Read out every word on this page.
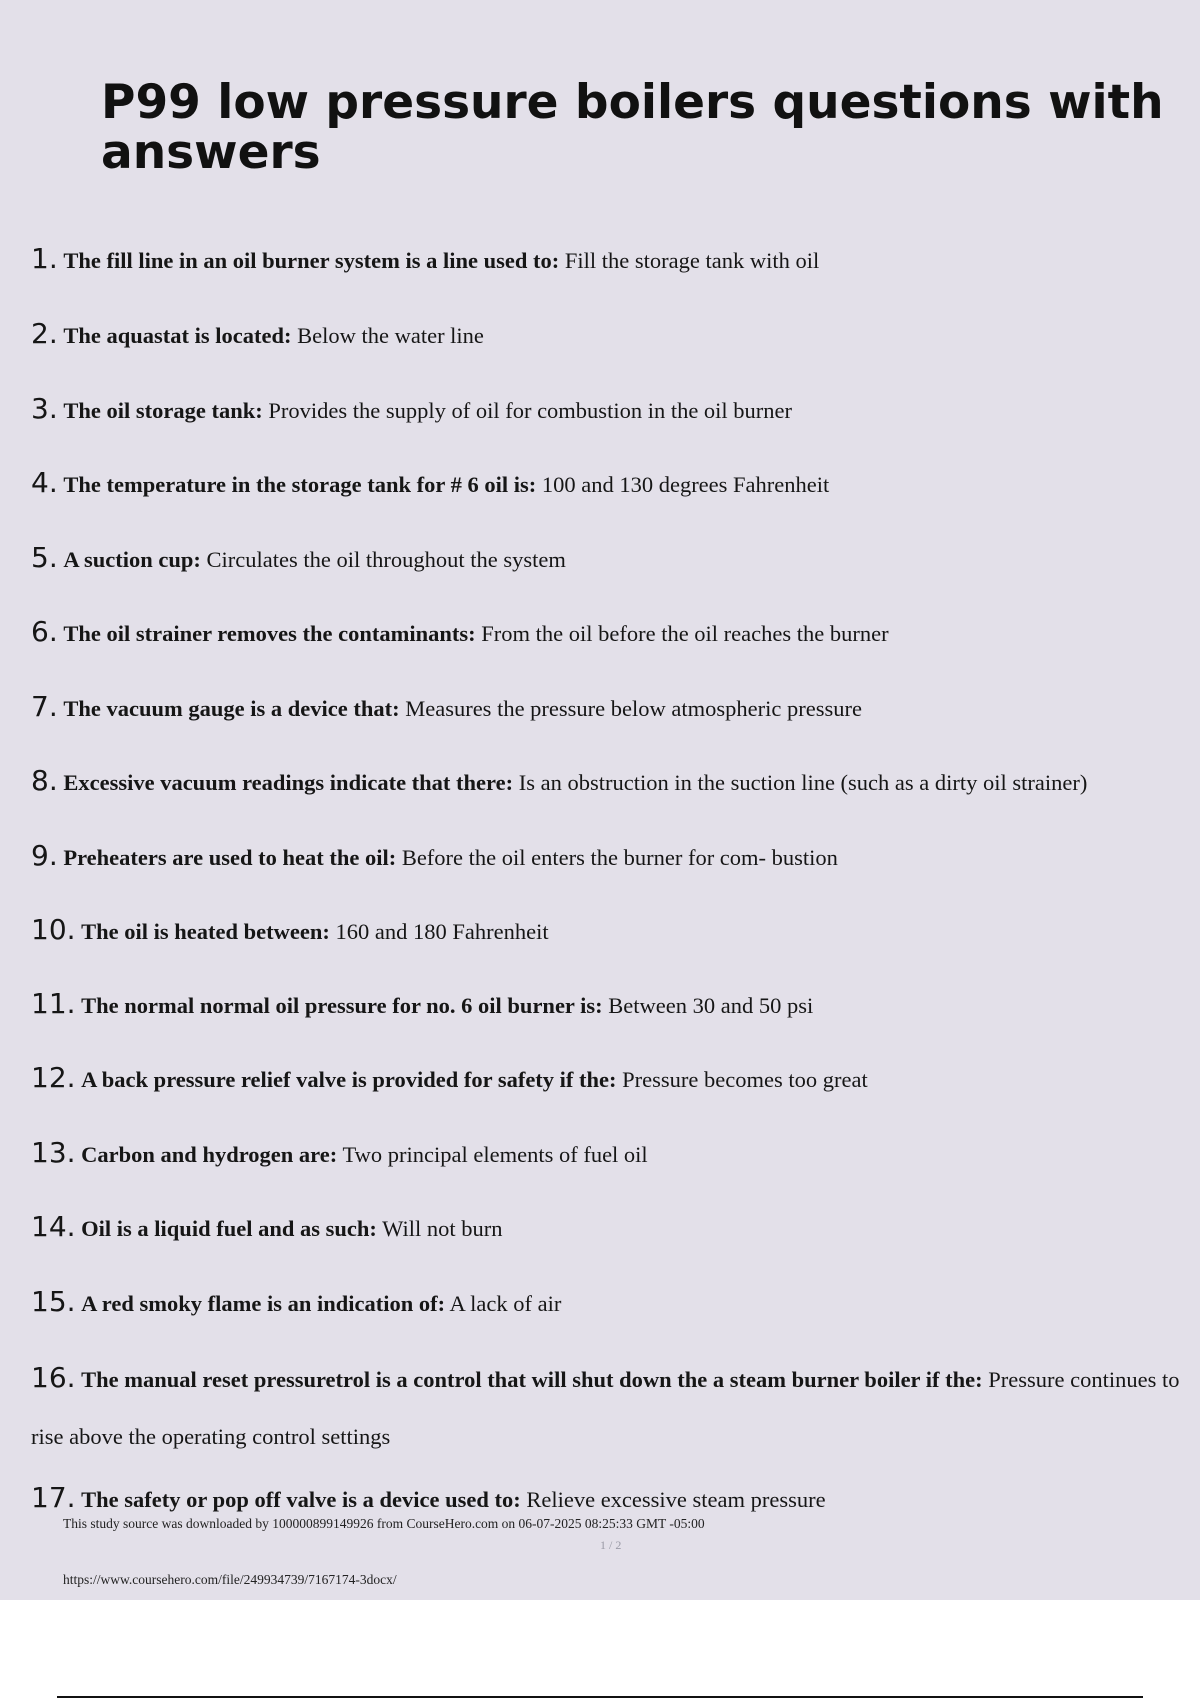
P99 low pressure boilers questions with answers

1. The fill line in an oil burner system is a line used to: Fill the storage tank with oil

2. The aquastat is located: Below the water line

3. The oil storage tank: Provides the supply of oil for combustion in the oil burner

4. The temperature in the storage tank for # 6 oil is: 100 and 130 degrees Fahrenheit

5. A suction cup: Circulates the oil throughout the system

6. The oil strainer removes the contaminants: From the oil before the oil reaches the burner

7. The vacuum gauge is a device that: Measures the pressure below atmospheric pressure

8. Excessive vacuum readings indicate that there: Is an obstruction in the suction line (such as a dirty oil strainer)

9. Preheaters are used to heat the oil: Before the oil enters the burner for com- bustion

10. The oil is heated between: 160 and 180 Fahrenheit

11. The normal normal oil pressure for no. 6 oil burner is: Between 30 and 50 psi

12. A back pressure relief valve is provided for safety if the: Pressure becomes too great

13. Carbon and hydrogen are: Two principal elements of fuel oil

14. Oil is a liquid fuel and as such: Will not burn

15. A red smoky flame is an indication of: A lack of air

16. The manual reset pressuretrol is a control that will shut down the a steam burner boiler if the: Pressure continues to rise above the operating control settings

17. The safety or pop off valve is a device used to: Relieve excessive steam pressure

This study source was downloaded by 100000899149926 from CourseHero.com on 06-07-2025 08:25:33 GMT -05:00

1 / 2

https://www.coursehero.com/file/249934739/7167174-3docx/
